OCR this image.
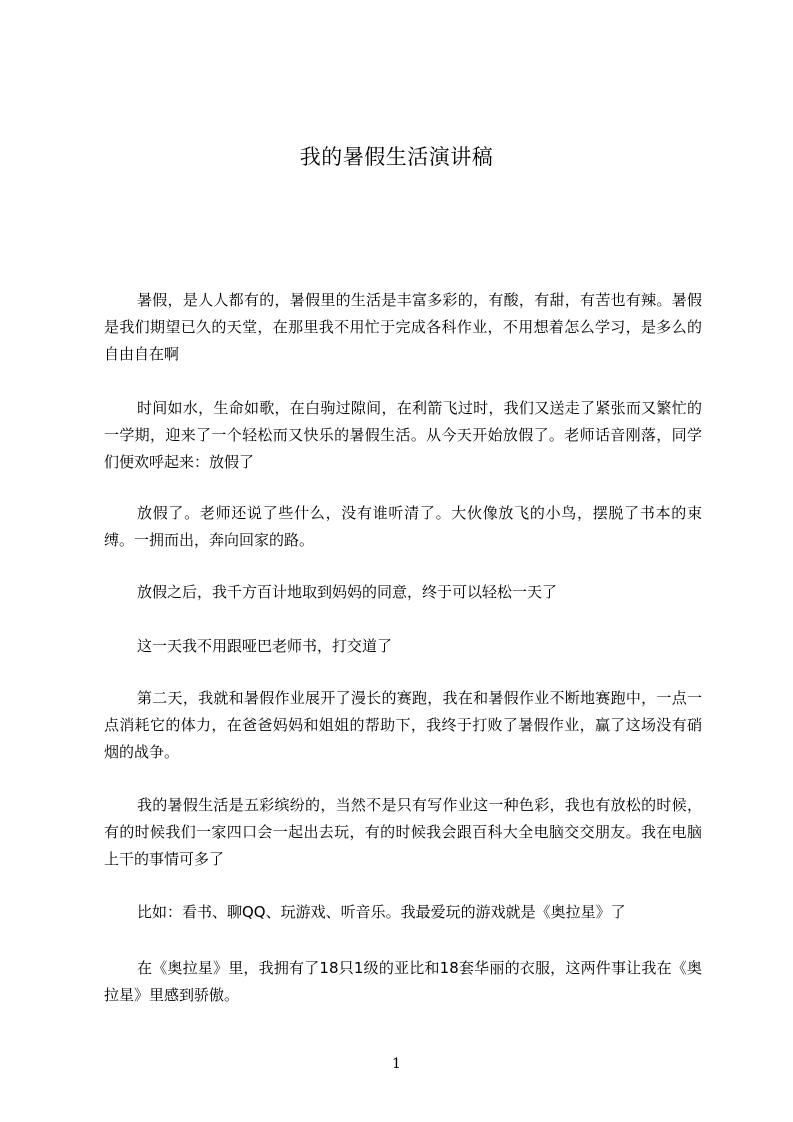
我的暑假生活演讲稿

暑假，是人人都有的，暑假里的生活是丰富多彩的，有酸，有甜，有苦也有辣。暑假是我们期望已久的天堂，在那里我不用忙于完成各科作业，不用想着怎么学习，是多么的自由自在啊

时间如水，生命如歌，在白驹过隙间，在利箭飞过时，我们又送走了紧张而又繁忙的一学期，迎来了一个轻松而又快乐的暑假生活。从今天开始放假了。老师话音刚落，同学们便欢呼起来：放假了

放假了。老师还说了些什么，没有谁听清了。大伙像放飞的小鸟，摆脱了书本的束缚。一拥而出，奔向回家的路。

放假之后，我千方百计地取到妈妈的同意，终于可以轻松一天了

这一天我不用跟哑巴老师书，打交道了

第二天，我就和暑假作业展开了漫长的赛跑，我在和暑假作业不断地赛跑中，一点一点消耗它的体力，在爸爸妈妈和姐姐的帮助下，我终于打败了暑假作业，赢了这场没有硝烟的战争。

我的暑假生活是五彩缤纷的，当然不是只有写作业这一种色彩，我也有放松的时候，有的时候我们一家四口会一起出去玩，有的时候我会跟百科大全电脑交交朋友。我在电脑上干的事情可多了

比如：看书、聊QQ、玩游戏、听音乐。我最爱玩的游戏就是《奥拉星》了

在《奥拉星》里，我拥有了18只1级的亚比和18套华丽的衣服，这两件事让我在《奥拉星》里感到骄傲。

1
